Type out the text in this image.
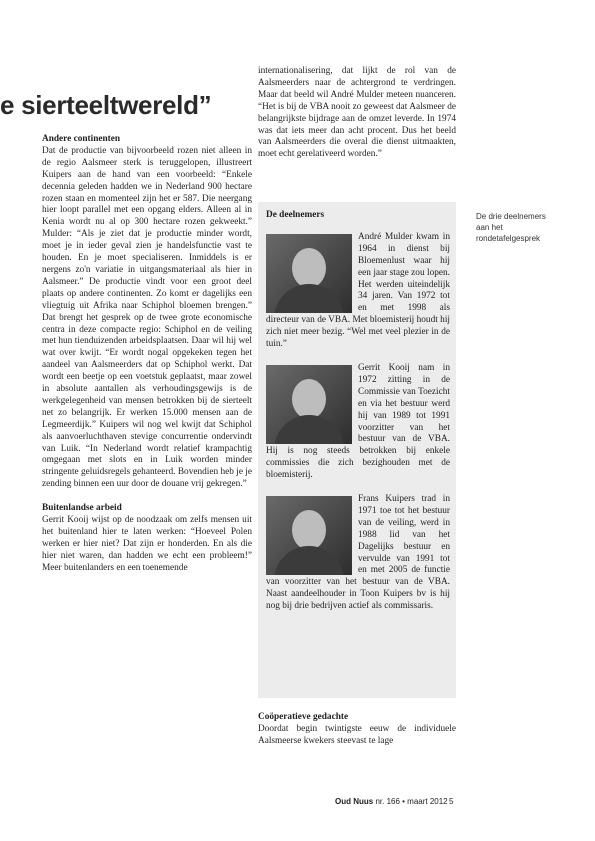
e sierteeltwereld”

Andere continenten

Dat de productie van bijvoorbeeld rozen niet alleen in de regio Aalsmeer sterk is teruggelopen, illustreert Kuipers aan de hand van een voorbeeld: “Enkele decennia geleden hadden we in Nederland 900 hectare rozen staan en momenteel zijn het er 587. Die neergang hier loopt parallel met een opgang elders. Alleen al in Kenia wordt nu al op 300 hectare rozen gekweekt.” Mulder: “Als je ziet dat je productie minder wordt, moet je in ieder geval zien je handelsfunctie vast te houden. En je moet specialiseren. Inmiddels is er nergens zo'n variatie in uitgangsmateriaal als hier in Aalsmeer.” De productie vindt voor een groot deel plaats op andere continenten. Zo komt er dagelijks een vliegtuig uit Afrika naar Schiphol bloemen brengen.” Dat brengt het gesprek op de twee grote economische centra in deze compacte regio: Schiphol en de veiling met hun tienduizenden arbeidsplaatsen. Daar wil hij wel wat over kwijt. “Er wordt nogal opgekeken tegen het aandeel van Aalsmeerders dat op Schiphol werkt. Dat wordt een beetje op een voetstuk geplaatst, maar zowel in absolute aantallen als verhoudingsgewijs is de werkgelegenheid van mensen betrokken bij de sierteelt net zo belangrijk. Er werken 15.000 mensen aan de Legmeerdijk.” Kuipers wil nog wel kwijt dat Schiphol als aanvoerluchthaven stevige concurrentie ondervindt van Luik. “In Nederland wordt relatief krampachtig omgegaan met slots en in Luik worden minder stringente geluidsregels gehanteerd. Bovendien heb je je zending binnen een uur door de douane vrij gekregen.”

Buitenlandse arbeid

Gerrit Kooij wijst op de noodzaak om zelfs mensen uit het buitenland hier te laten werken: “Hoeveel Polen werken er hier niet? Dat zijn er honderden. En als die hier niet waren, dan hadden we echt een probleem!” Meer buitenlanders en een toenemende

internationalisering, dat lijkt de rol van de Aalsmeerders naar de achtergrond te verdringen. Maar dat beeld wil André Mulder meteen nuanceren. “Het is bij de VBA nooit zo geweest dat Aalsmeer de belangrijkste bijdrage aan de omzet leverde. In 1974 was dat iets meer dan acht procent. Dus het beeld van Aalsmeerders die overal die dienst uitmaakten, moet echt gerelativeerd worden.”

De deelnemers

André Mulder kwam in 1964 in dienst bij Bloemenlust waar hij een jaar stage zou lopen. Het werden uiteindelijk 34 jaren. Van 1972 tot en met 1998 als directeur van de VBA. Met bloemisterij houdt hij zich niet meer bezig. “Wel met veel plezier in de tuin.”
Gerrit Kooij nam in 1972 zitting in de Commissie van Toezicht en via het bestuur werd hij van 1989 tot 1991 voorzitter van het bestuur van de VBA. Hij is nog steeds betrokken bij enkele commissies die zich bezighouden met de bloemisterij.
Frans Kuipers trad in 1971 toe tot het bestuur van de veiling, werd in 1988 lid van het Dagelijks bestuur en vervulde van 1991 tot en met 2005 de functie van voorzitter van het bestuur van de VBA. Naast aandeelhouder in Toon Kuipers bv is hij nog bij drie bedrijven actief als commissaris.

Coöperatieve gedachte

Doordat begin twintigste eeuw de individuele Aalsmeerse kwekers steevast te lage

De drie deelnemers aan het rondetafelgesprek
Oud Nuus nr. 166 • maart 2012 5
